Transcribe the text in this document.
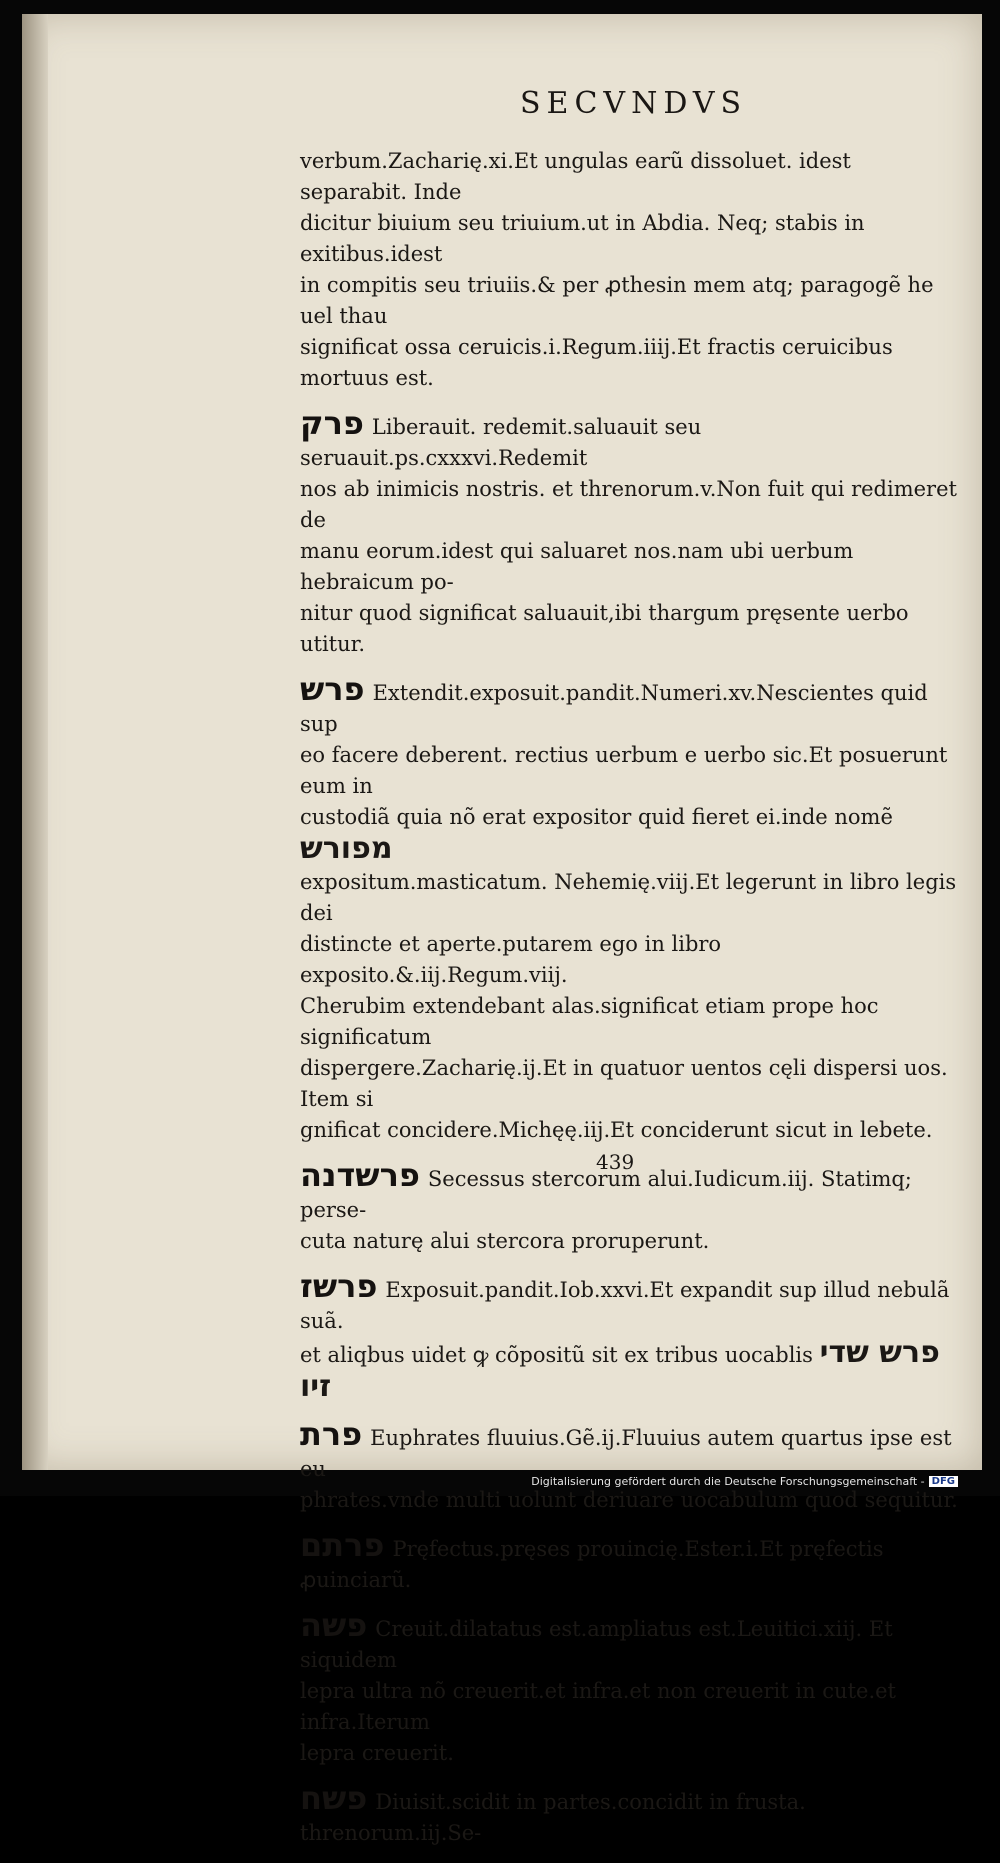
SECVNDVS

verbum.Zacharię.xi.Et ungulas earũ dissoluet. idest separabit. Inde

dicitur biuium seu triuium.ut in Abdia. Neq; stabis in exitibus.idest

in compitis seu triuiis.& per ꝓthesin mem atq; paragogẽ he uel thau

significat ossa ceruicis.i.Regum.iiij.Et fractis ceruicibus mortuus est.

פרק Liberauit. redemit.saluauit seu seruauit.ps.cxxxvi.Redemit

nos ab inimicis nostris. et threnorum.v.Non fuit qui redimeret de

manu eorum.idest qui saluaret nos.nam ubi uerbum hebraicum po-

nitur quod significat saluauit,ibi thargum pręsente uerbo utitur.

פרש Extendit.exposuit.pandit.Numeri.xv.Nescientes quid sup

eo facere deberent. rectius uerbum e uerbo sic.Et posuerunt eum in

custodiã quia nõ erat expositor quid fieret ei.inde nomẽ מפורש

expositum.masticatum. Nehemię.viij.Et legerunt in libro legis dei

distincte et aperte.putarem ego in libro exposito.&.iij.Regum.viij.

Cherubim extendebant alas.significat etiam prope hoc significatum

dispergere.Zacharię.ij.Et in quatuor uentos cęli dispersi uos. Item si

gnificat concidere.Michęę.iij.Et conciderunt sicut in lebete.

פרשדנה Secessus stercorum alui.Iudicum.iij. Statimq; perse-

cuta naturę alui stercora proruperunt.

פרשז Exposuit.pandit.Iob.xxvi.Et expandit sup illud nebulã suã.

et aliqbus uidet ꝙ cõpositũ sit ex tribus uocablis פרש שדי זיו

פרת Euphrates fluuius.Gẽ.ij.Fluuius autem quartus ipse est eu

phrates.vnde multi uolunt deriuare uocabulum quod sequitur.

פרתם Pręfectus.pręses prouincię.Ester.i.Et pręfectis ꝓuinciarũ.

פשה Creuit.dilatatus est.ampliatus est.Leuitici.xiij. Et siquidem

lepra ultra nõ creuerit.et infra.et non creuerit in cute.et infra.Iterum

lepra creuerit.

פשח Diuisit.scidit in partes.concidit in frusta. threnorum.iij.Se-

439
Digitalisierung gefördert durch die Deutsche Forschungsgemeinschaft - DFG
